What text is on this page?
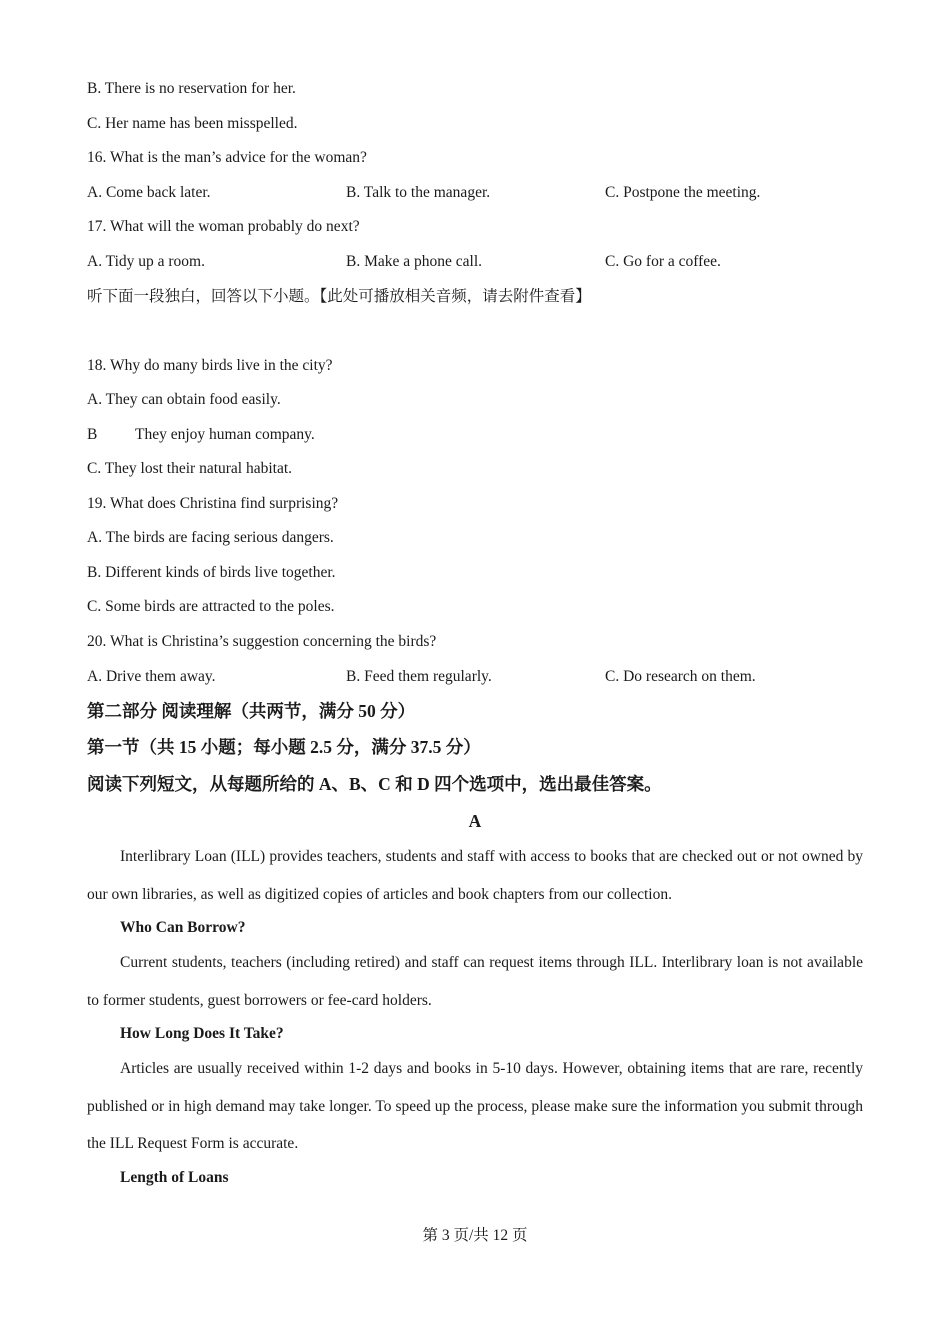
B. There is no reservation for her.
C. Her name has been misspelled.
16. What is the man’s advice for the woman?
A. Come back later.	B. Talk to the manager.	C. Postpone the meeting.
17. What will the woman probably do next?
A. Tidy up a room.	B. Make a phone call.	C. Go for a coffee.
听下面一段独白，回答以下小题。【此处可播放相关音频，请去附件查看】
18. Why do many birds live in the city?
A. They can obtain food easily.
B They enjoy human company.
C. They lost their natural habitat.
19. What does Christina find surprising?
A. The birds are facing serious dangers.
B. Different kinds of birds live together.
C. Some birds are attracted to the poles.
20. What is Christina’s suggestion concerning the birds?
A. Drive them away.	B. Feed them regularly.	C. Do research on them.
第二部分 阅读理解（共两节，满分 50 分）
第一节（共 15 小题；每小题 2.5 分，满分 37.5 分）
阅读下列短文，从每题所给的 A、B、C 和 D 四个选项中，选出最佳答案。
A
Interlibrary Loan (ILL) provides teachers, students and staff with access to books that are checked out or not owned by our own libraries, as well as digitized copies of articles and book chapters from our collection.
Who Can Borrow?
Current students, teachers (including retired) and staff can request items through ILL. Interlibrary loan is not available to former students, guest borrowers or fee-card holders.
How Long Does It Take?
Articles are usually received within 1-2 days and books in 5-10 days. However, obtaining items that are rare, recently published or in high demand may take longer. To speed up the process, please make sure the information you submit through the ILL Request Form is accurate.
Length of Loans
第 3 页/共 12 页
